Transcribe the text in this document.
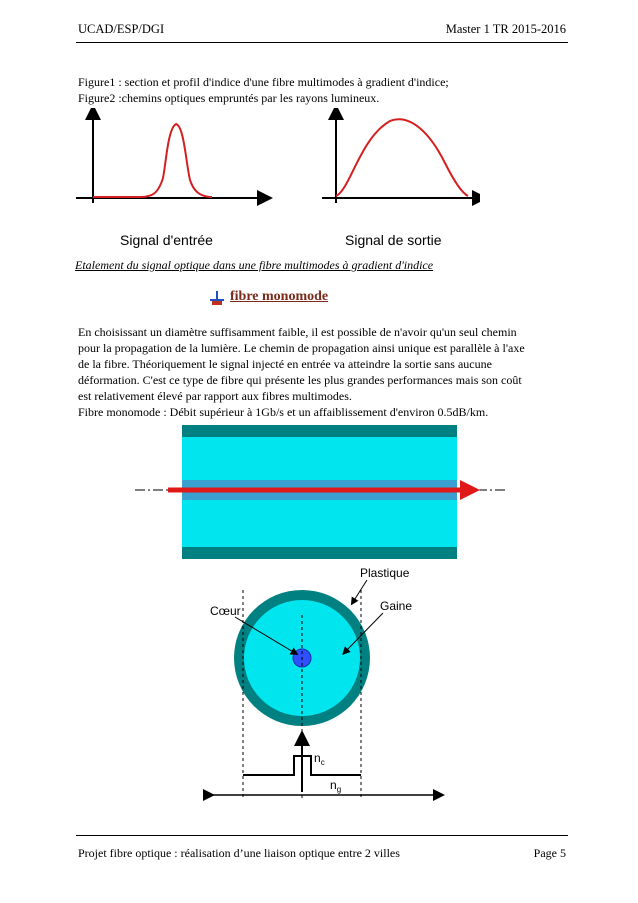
UCAD/ESP/DGI	Master 1 TR 2015-2016
Figure1 : section et profil d'indice d'une fibre multimodes à gradient d'indice;
Figure2 :chemins optiques empruntés par les rayons lumineux.
Signal d'entrée	Signal de sortie
Etalement du signal optique dans une fibre multimodes à gradient d'indice
fibre monomode
En choisissant un diamètre suffisamment faible, il est possible de n'avoir qu'un seul chemin
pour la propagation de la lumière. Le chemin de propagation ainsi unique est parallèle à l'axe
de la fibre. Théoriquement le signal injecté en entrée va atteindre la sortie sans aucune
déformation. C'est ce type de fibre qui présente les plus grandes performances mais son coût
est relativement élevé par rapport aux fibres multimodes.
Fibre monomode : Débit supérieur à 1Gb/s et un affaiblissement d'environ 0.5dB/km.
Plastique
Cœur	Gaine
$n_c$
$n_g$
Projet fibre optique : réalisation d’une liaison optique entre 2 villes	Page 5
